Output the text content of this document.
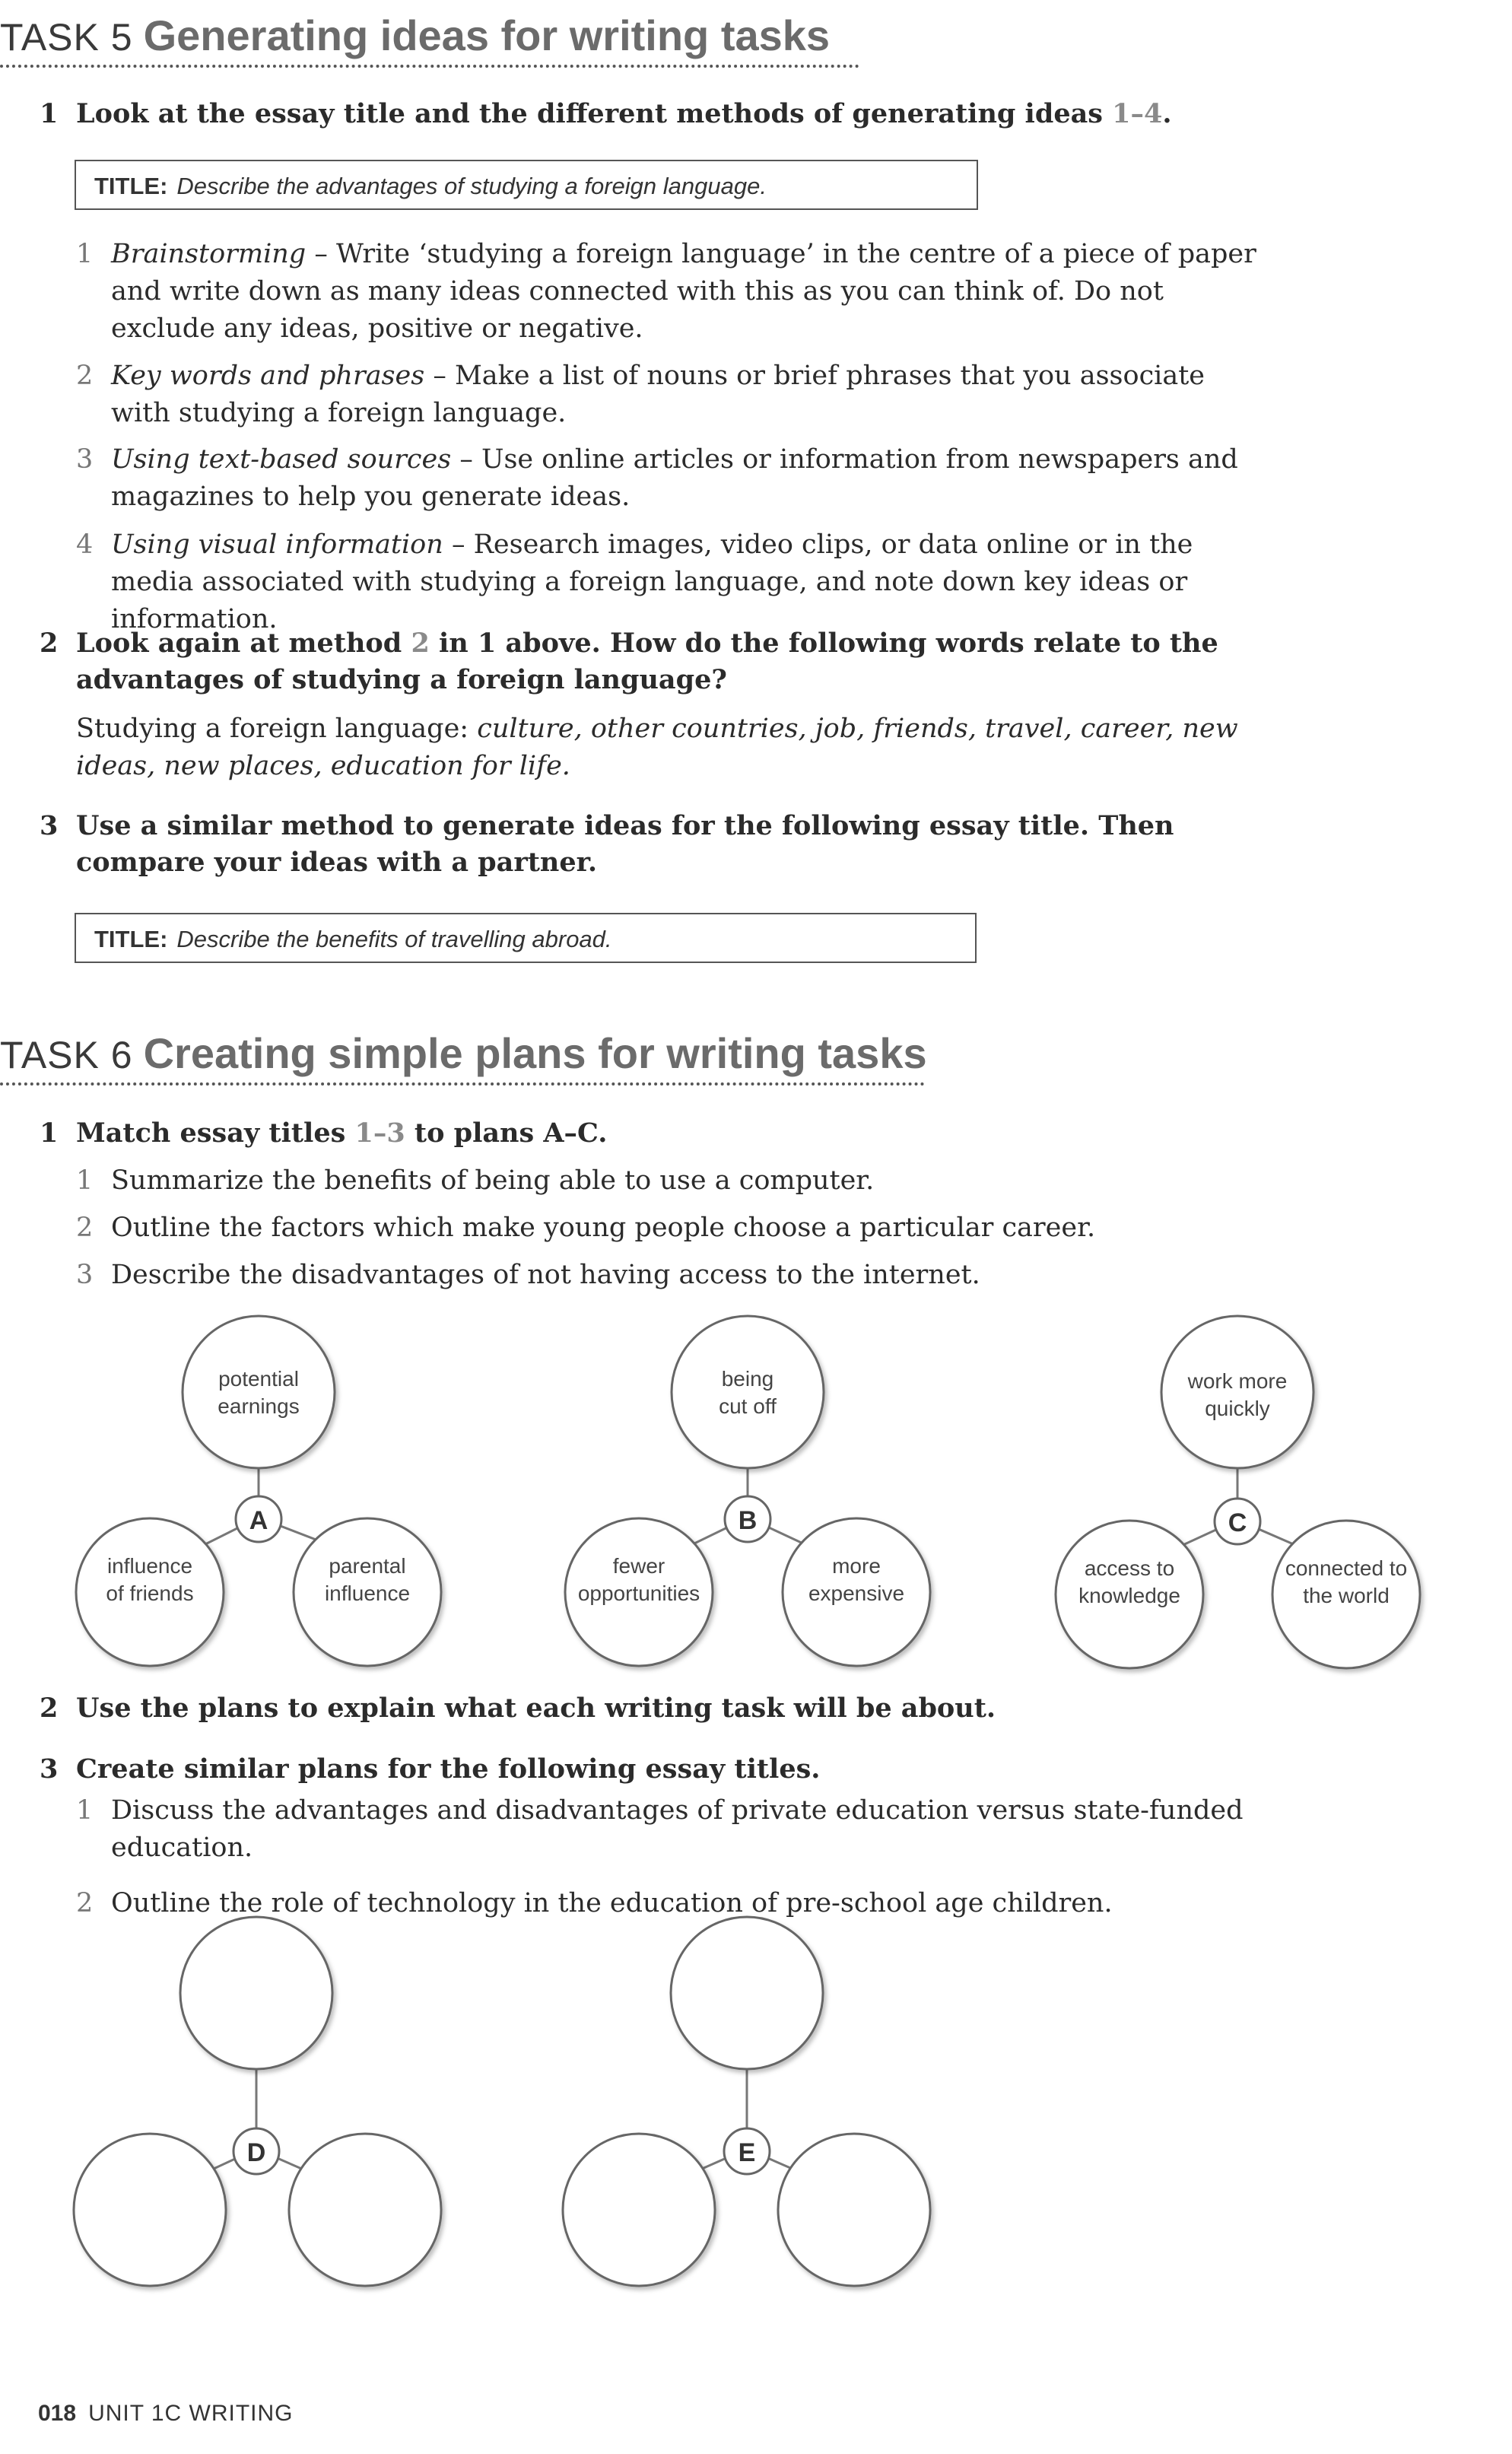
TASK 5 Generating ideas for writing tasks
1 Look at the essay title and the different methods of generating ideas 1–4.
TITLE: Describe the advantages of studying a foreign language.
1 Brainstorming – Write ‘studying a foreign language’ in the centre of a piece of paper and write down as many ideas connected with this as you can think of. Do not exclude any ideas, positive or negative.
2 Key words and phrases – Make a list of nouns or brief phrases that you associate with studying a foreign language.
3 Using text-based sources – Use online articles or information from newspapers and magazines to help you generate ideas.
4 Using visual information – Research images, video clips, or data online or in the media associated with studying a foreign language, and note down key ideas or information.
2 Look again at method 2 in 1 above. How do the following words relate to the advantages of studying a foreign language?
Studying a foreign language: culture, other countries, job, friends, travel, career, new ideas, new places, education for life.
3 Use a similar method to generate ideas for the following essay title. Then compare your ideas with a partner.
TITLE: Describe the benefits of travelling abroad.
TASK 6 Creating simple plans for writing tasks
1 Match essay titles 1–3 to plans A–C.
1 Summarize the benefits of being able to use a computer.
2 Outline the factors which make young people choose a particular career.
3 Describe the disadvantages of not having access to the internet.
A
potential
earnings
influence
of friends
parental
influence
B
being
cut off
fewer
opportunities
more
expensive
C
work more
quickly
access to
knowledge
connected to
the world
D	E
2 Use the plans to explain what each writing task will be about.
3 Create similar plans for the following essay titles.
1 Discuss the advantages and disadvantages of private education versus state-funded education.
2 Outline the role of technology in the education of pre-school age children.
018 UNIT 1C WRITING
